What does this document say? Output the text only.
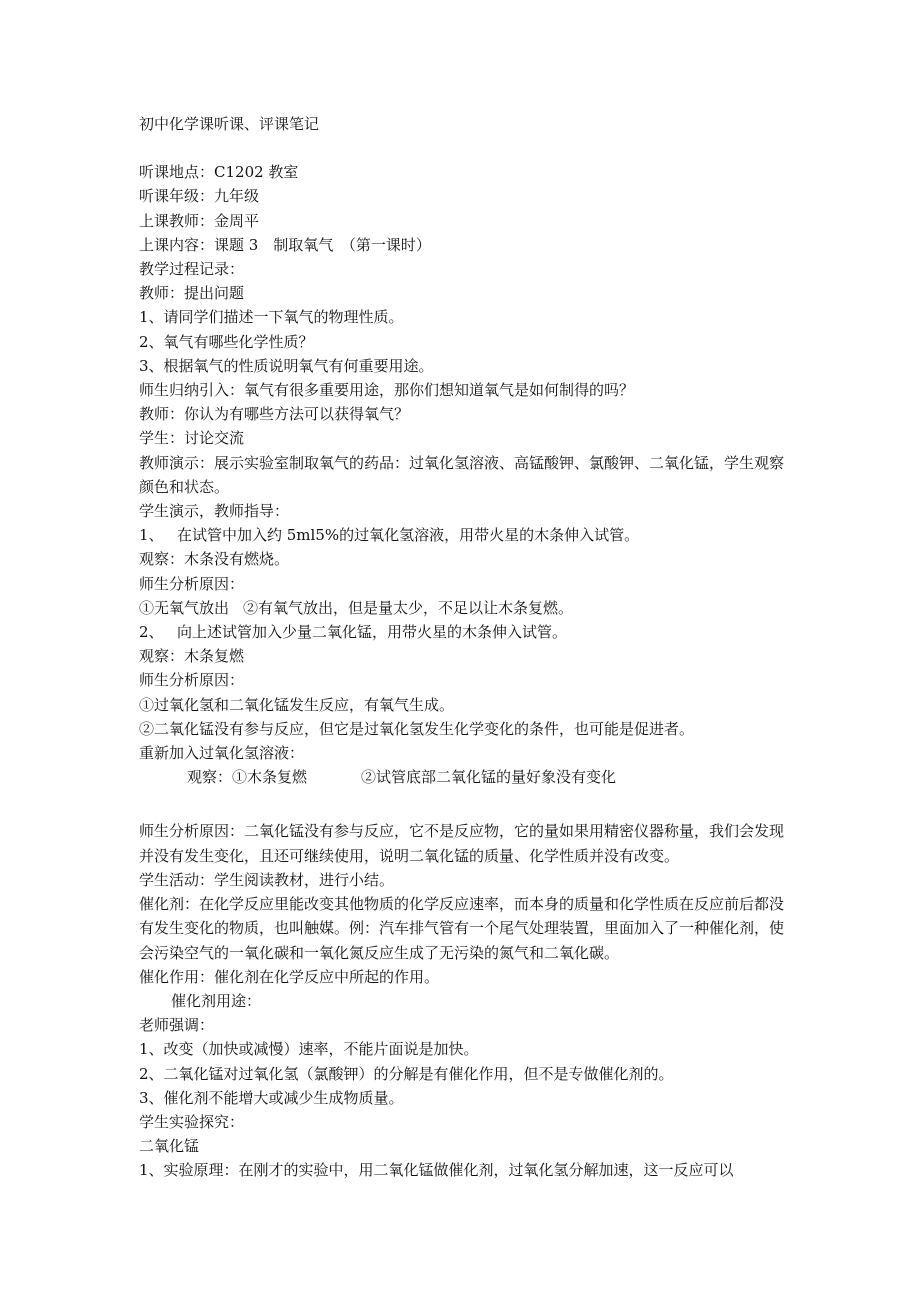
初中化学课听课、评课笔记

听课地点：C1202 教室

听课年级：九年级

上课教师：金周平

上课内容：课题 3　制取氧气　（第一课时）

教学过程记录：

教师：提出问题

1、请同学们描述一下氧气的物理性质。

2、氧气有哪些化学性质？

3、根据氧气的性质说明氧气有何重要用途。

师生归纳引入：氧气有很多重要用途，那你们想知道氧气是如何制得的吗？

教师：你认为有哪些方法可以获得氧气？

学生：讨论交流

教师演示：展示实验室制取氧气的药品：过氧化氢溶液、高锰酸钾、氯酸钾、二氧化锰，学生观察颜色和状态。

学生演示，教师指导：

1、 在试管中加入约 5ml5%的过氧化氢溶液，用带火星的木条伸入试管。

观察：木条没有燃烧。

师生分析原因：

①无氧气放出 ②有氧气放出，但是量太少，不足以让木条复燃。

2、 向上述试管加入少量二氧化锰，用带火星的木条伸入试管。

观察：木条复燃

师生分析原因：

①过氧化氢和二氧化锰发生反应，有氧气生成。

②二氧化锰没有参与反应，但它是过氧化氢发生化学变化的条件，也可能是促进者。

重新加入过氧化氢溶液：

观察：①木条复燃	②试管底部二氧化锰的量好象没有变化

师生分析原因：二氧化锰没有参与反应，它不是反应物，它的量如果用精密仪器称量，我们会发现并没有发生变化，且还可继续使用，说明二氧化锰的质量、化学性质并没有改变。

学生活动：学生阅读教材，进行小结。

催化剂：在化学反应里能改变其他物质的化学反应速率，而本身的质量和化学性质在反应前后都没有发生变化的物质，也叫触媒。例：汽车排气管有一个尾气处理装置，里面加入了一种催化剂，使会污染空气的一氧化碳和一氧化氮反应生成了无污染的氮气和二氧化碳。

催化作用：催化剂在化学反应中所起的作用。

催化剂用途：

老师强调：

1、改变（加快或减慢）速率，不能片面说是加快。

2、二氧化锰对过氧化氢（氯酸钾）的分解是有催化作用，但不是专做催化剂的。

3、催化剂不能增大或减少生成物质量。

学生实验探究：

二氧化锰

1、实验原理：在刚才的实验中，用二氧化锰做催化剂，过氧化氢分解加速，这一反应可以
